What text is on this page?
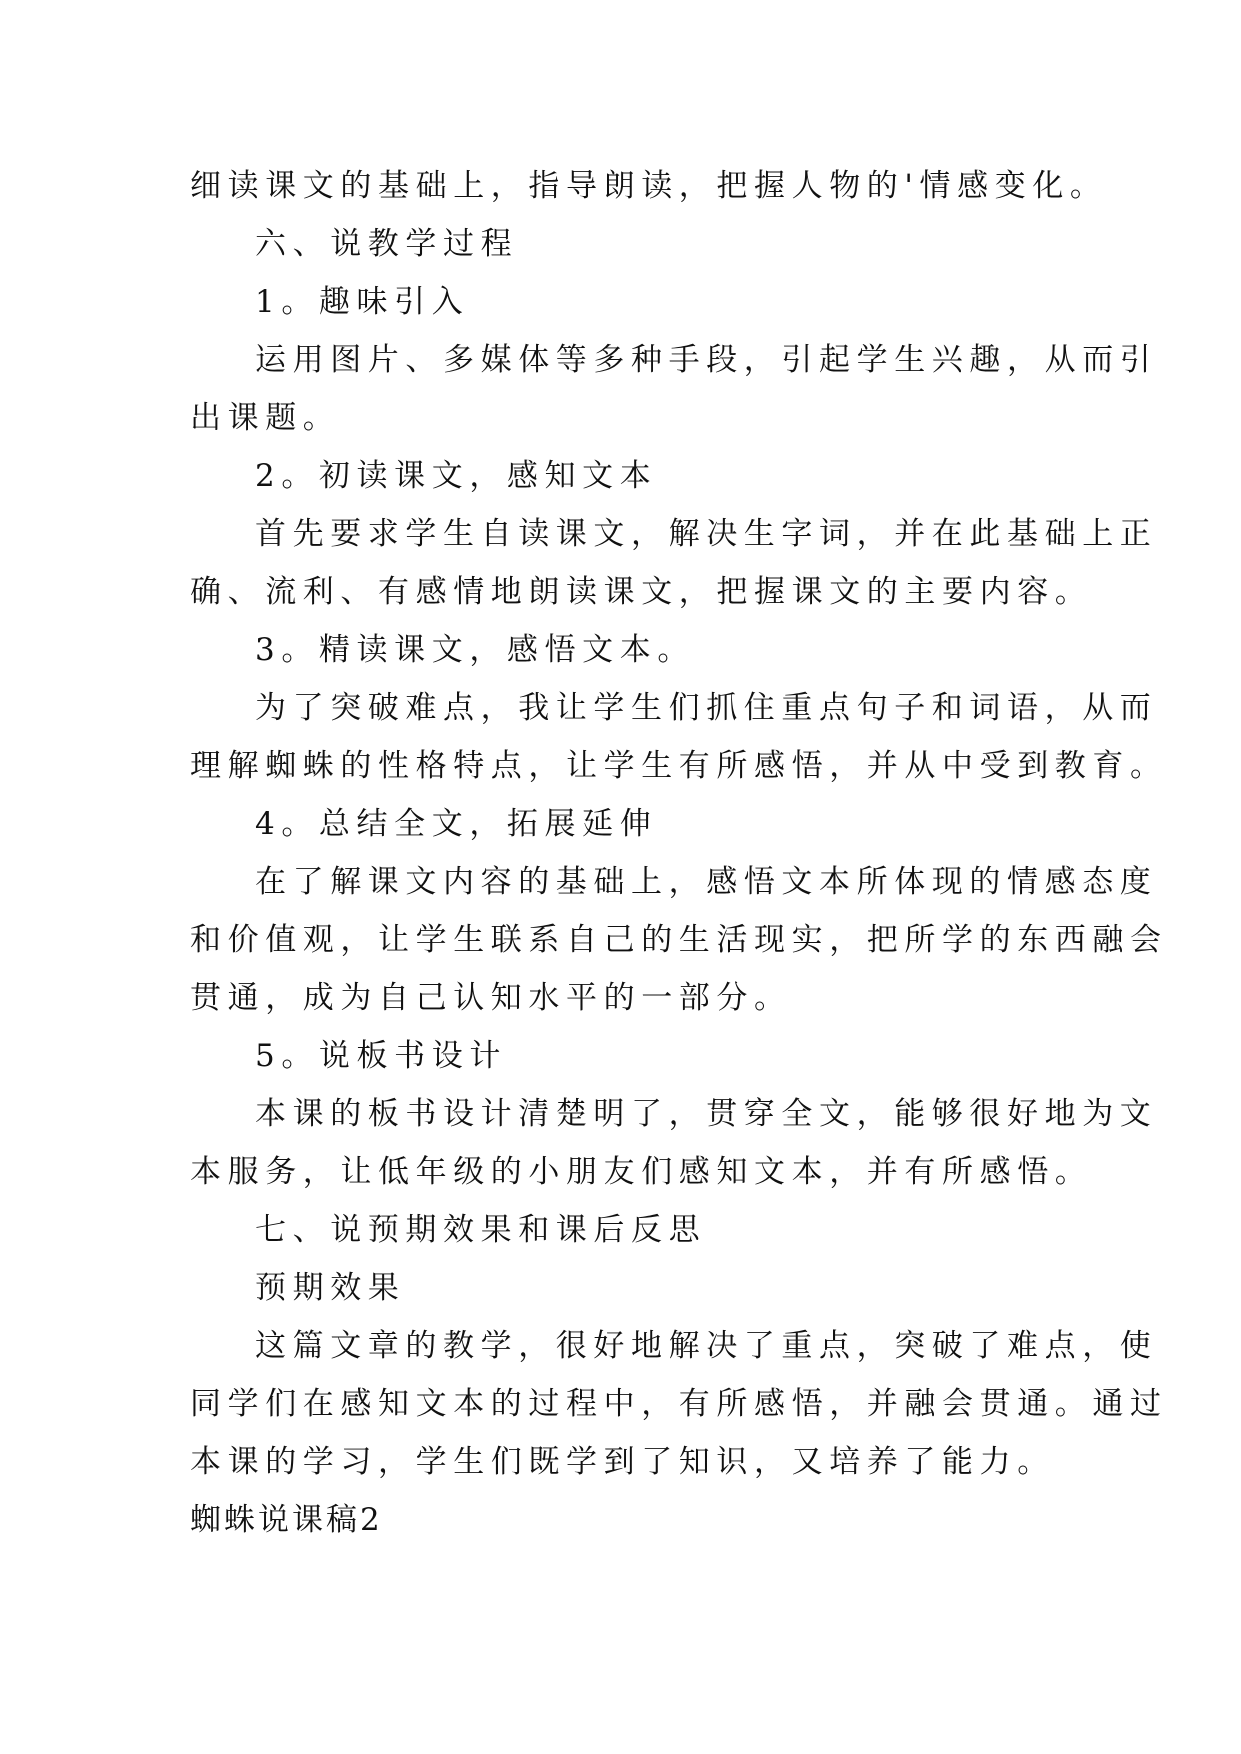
细读课文的基础上，指导朗读，把握人物的'情感变化。
六、说教学过程
1。趣味引入
运用图片、多媒体等多种手段，引起学生兴趣，从而引
出课题。
2。初读课文，感知文本
首先要求学生自读课文，解决生字词，并在此基础上正
确、流利、有感情地朗读课文，把握课文的主要内容。
3。精读课文，感悟文本。
为了突破难点，我让学生们抓住重点句子和词语，从而
理解蜘蛛的性格特点，让学生有所感悟，并从中受到教育。
4。总结全文，拓展延伸
在了解课文内容的基础上，感悟文本所体现的情感态度
和价值观，让学生联系自己的生活现实，把所学的东西融会
贯通，成为自己认知水平的一部分。
5。说板书设计
本课的板书设计清楚明了，贯穿全文，能够很好地为文
本服务，让低年级的小朋友们感知文本，并有所感悟。
七、说预期效果和课后反思
预期效果
这篇文章的教学，很好地解决了重点，突破了难点，使
同学们在感知文本的过程中，有所感悟，并融会贯通。通过
本课的学习，学生们既学到了知识，又培养了能力。
蜘蛛说课稿2
